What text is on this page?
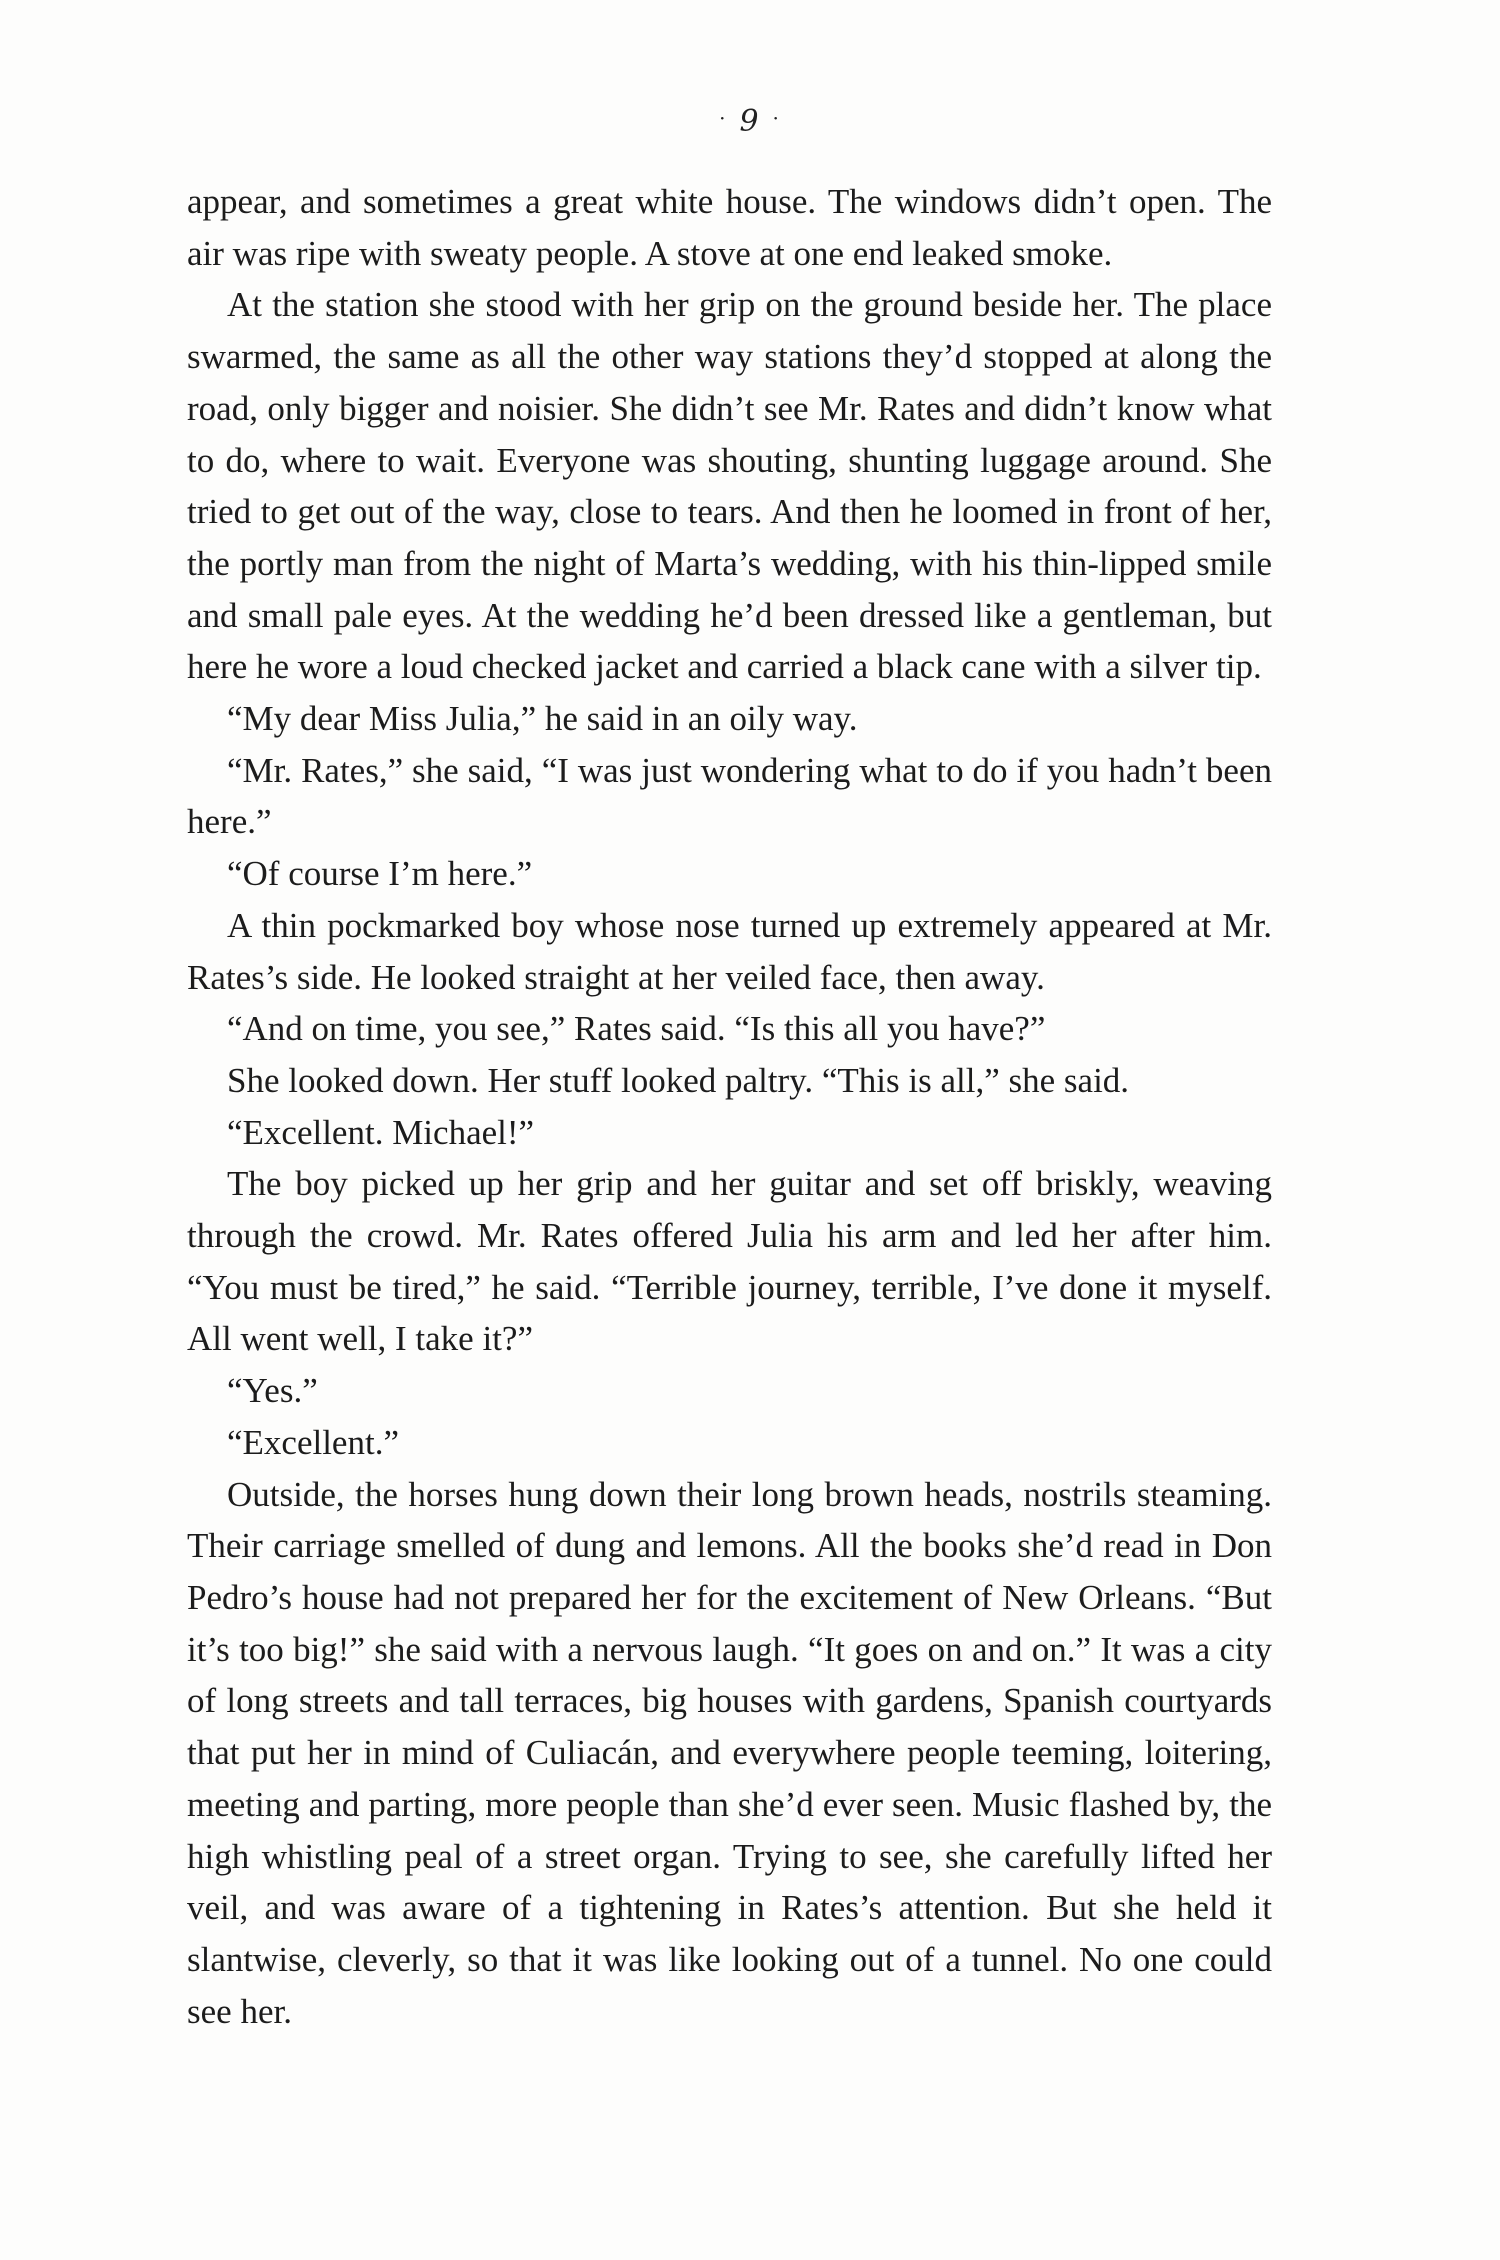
· 9 ·

appear, and sometimes a great white house. The windows didn’t open. The air was ripe with sweaty people. A stove at one end leaked smoke.

At the station she stood with her grip on the ground beside her. The place swarmed, the same as all the other way stations they’d stopped at along the road, only bigger and noisier. She didn’t see Mr. Rates and didn’t know what to do, where to wait. Everyone was shouting, shunting luggage around. She tried to get out of the way, close to tears. And then he loomed in front of her, the portly man from the night of Marta’s wedding, with his thin-lipped smile and small pale eyes. At the wedding he’d been dressed like a gentleman, but here he wore a loud checked jacket and carried a black cane with a silver tip.

“My dear Miss Julia,” he said in an oily way.

“Mr. Rates,” she said, “I was just wondering what to do if you hadn’t been here.”

“Of course I’m here.”

A thin pockmarked boy whose nose turned up extremely appeared at Mr. Rates’s side. He looked straight at her veiled face, then away.

“And on time, you see,” Rates said. “Is this all you have?”

She looked down. Her stuff looked paltry. “This is all,” she said.

“Excellent. Michael!”

The boy picked up her grip and her guitar and set off briskly, weaving through the crowd. Mr. Rates offered Julia his arm and led her after him. “You must be tired,” he said. “Terrible journey, terrible, I’ve done it myself. All went well, I take it?”

“Yes.”

“Excellent.”

Outside, the horses hung down their long brown heads, nostrils steaming. Their carriage smelled of dung and lemons. All the books she’d read in Don Pedro’s house had not prepared her for the excitement of New Orleans. “But it’s too big!” she said with a nervous laugh. “It goes on and on.” It was a city of long streets and tall terraces, big houses with gardens, Spanish courtyards that put her in mind of Culiacán, and everywhere people teeming, loitering, meeting and parting, more people than she’d ever seen. Music flashed by, the high whistling peal of a street organ. Trying to see, she carefully lifted her veil, and was aware of a tightening in Rates’s attention. But she held it slantwise, cleverly, so that it was like looking out of a tunnel. No one could see her.
